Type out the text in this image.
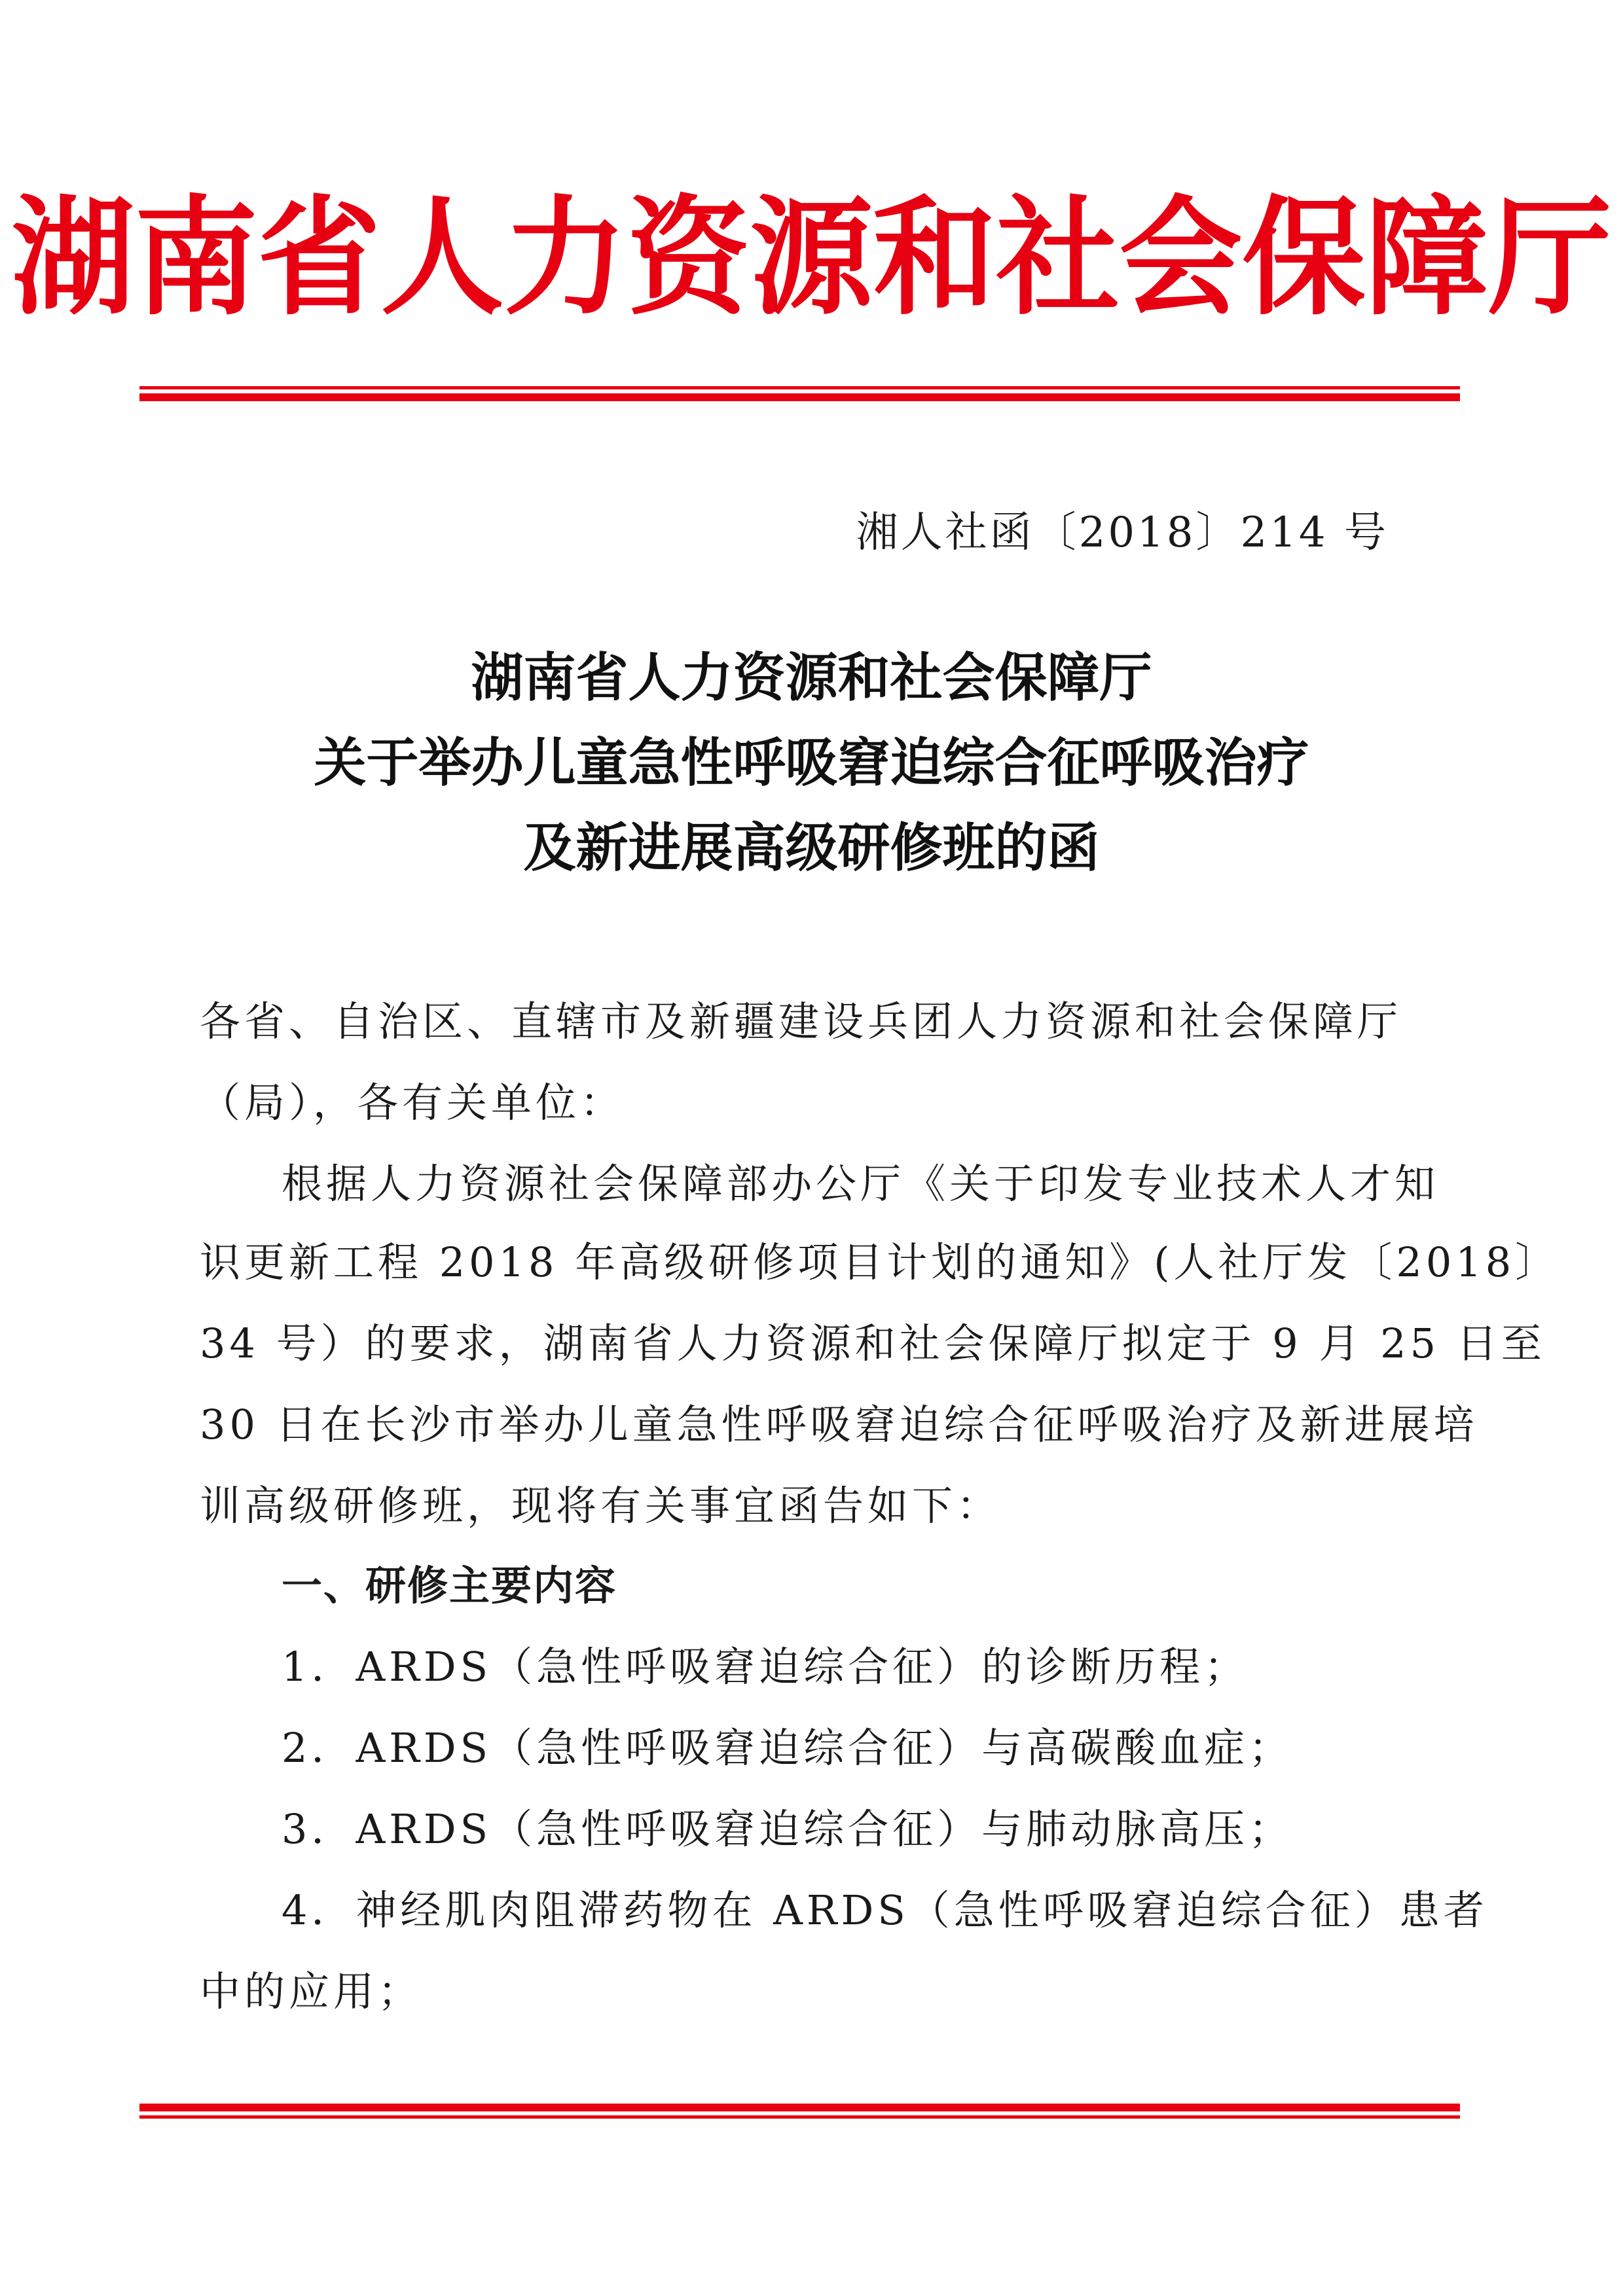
湖南省人力资源和社会保障厅
湘人社函〔2018〕214 号
湖南省人力资源和社会保障厅
关于举办儿童急性呼吸窘迫综合征呼吸治疗
及新进展高级研修班的函
各省、自治区、直辖市及新疆建设兵团人力资源和社会保障厅
（局），各有关单位：
根据人力资源社会保障部办公厅《关于印发专业技术人才知
识更新工程 2018 年高级研修项目计划的通知》(人社厅发〔2018〕
34 号）的要求，湖南省人力资源和社会保障厅拟定于 9 月 25 日至
30 日在长沙市举办儿童急性呼吸窘迫综合征呼吸治疗及新进展培
训高级研修班，现将有关事宜函告如下：
一、研修主要内容
1．ARDS（急性呼吸窘迫综合征）的诊断历程；
2．ARDS（急性呼吸窘迫综合征）与高碳酸血症；
3．ARDS（急性呼吸窘迫综合征）与肺动脉高压；
4．神经肌肉阻滞药物在 ARDS（急性呼吸窘迫综合征）患者
中的应用；
